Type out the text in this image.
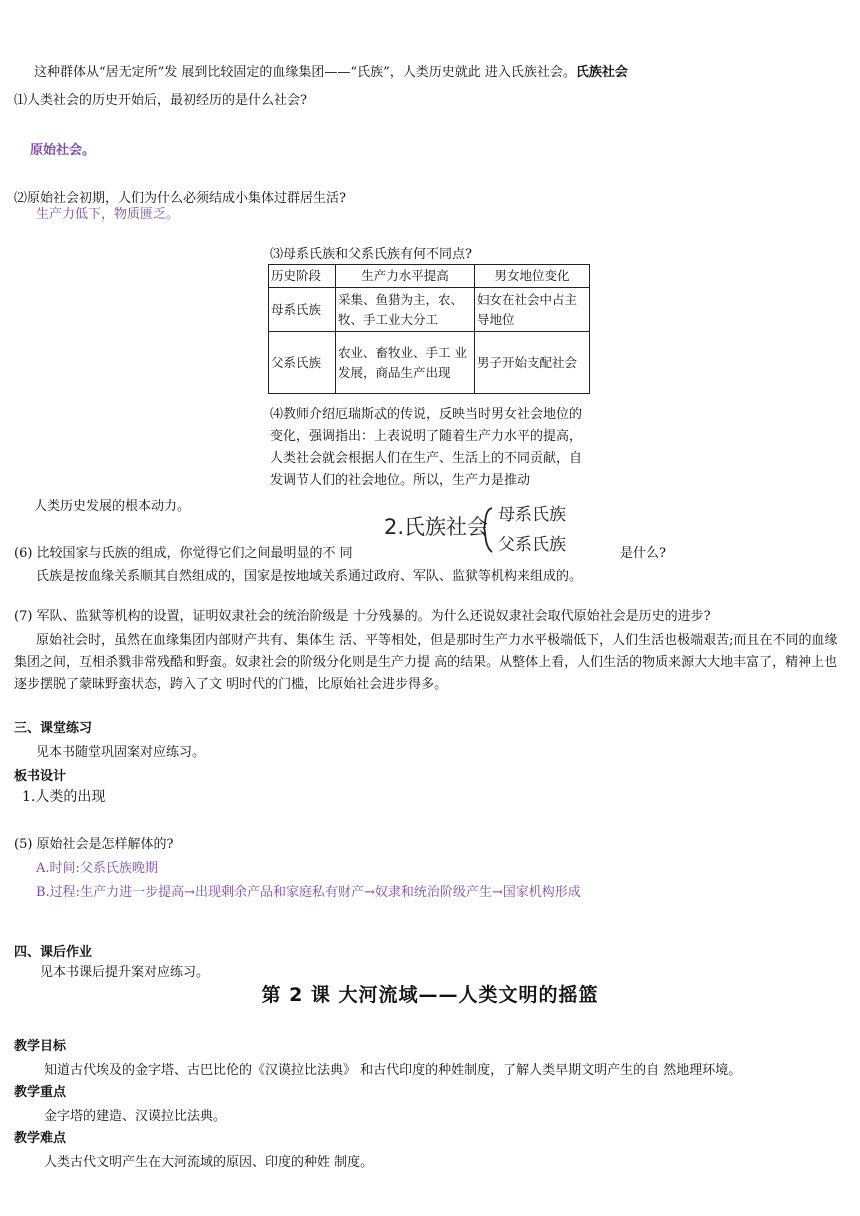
这种群体从“居无定所”发 展到比较固定的血缘集团——“氏族”，人类历史就此 进入氏族社会。氏族社会
⑴人类社会的历史开始后，最初经历的是什么社会?
原始社会。
⑵原始社会初期，人们为什么必须结成小集体过群居生活?
生产力低下，物质匮乏。
⑶母系氏族和父系氏族有何不同点?
历史阶段	生产力水平提高	男女地位变化
母系氏族	采集、鱼猎为主，农、牧、手工业大分工	妇女在社会中占主导地位
父系氏族	农业、畜牧业、手工 业发展，商品生产出现	男子开始支配社会
⑷教师介绍厄瑞斯忒的传说，反映当时男女社会地位的变化，强调指出：上表说明了随着生产力水平的提高，人类社会就会根据人们在生产、生活上的不同贡献，自发调节人们的社会地位。所以，生产力是推动
人类历史发展的根本动力。
2.氏族社会 母系氏族
父系氏族
(6) 比较国家与氏族的组成，你觉得它们之间最明显的不 同	是什么?
氏族是按血缘关系顺其自然组成的，国家是按地域关系通过政府、军队、监狱等机构来组成的。
(7) 军队、监狱等机构的设置，证明奴隶社会的统治阶级是 十分残暴的。为什么还说奴隶社会取代原始社会是历史的进步?
原始社会时，虽然在血缘集团内部财产共有、集体生 活、平等相处，但是那时生产力水平极端低下，人们生活也极端艰苦;而且在不同的血缘集团之间，互相杀戮非常残酷和野蛮。奴隶社会的阶级分化则是生产力提 高的结果。从整体上看，人们生活的物质来源大大地丰富了，精神上也逐步摆脱了蒙昧野蛮状态，跨入了文 明时代的门槛，比原始社会进步得多。
三、课堂练习
见本书随堂巩固案对应练习。
板书设计
1.人类的出现
(5) 原始社会是怎样解体的?
A.时间:父系氏族晚期
B.过程:生产力进一步提高→出现剩余产品和家庭私有财产→奴隶和统治阶级产生→国家机构形成
四、课后作业
见本书课后提升案对应练习。
第 2 课 大河流域——人类文明的摇篮
教学目标
知道古代埃及的金字塔、古巴比伦的《汉谟拉比法典》 和古代印度的种姓制度，了解人类早期文明产生的自 然地理环境。
教学重点
金字塔的建造、汉谟拉比法典。
教学难点
人类古代文明产生在大河流域的原因、印度的种姓 制度。
